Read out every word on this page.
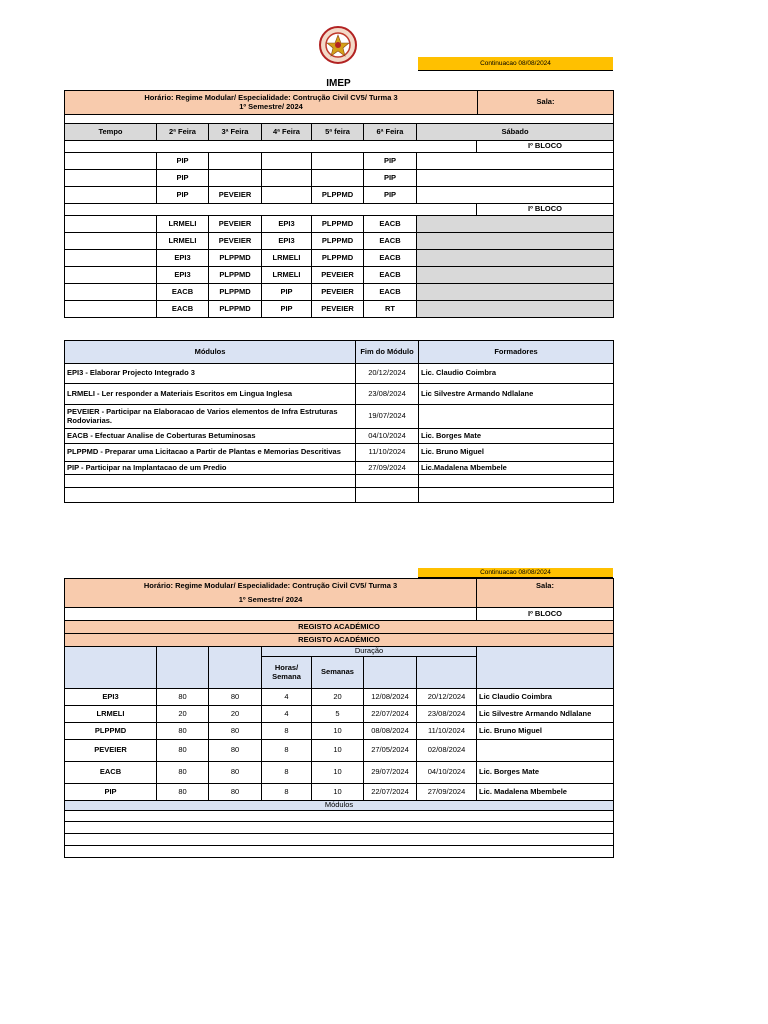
Continuacao 08/08/2024
IMEP
Horário: Regime Modular/ Especialidade: Contrução Civil CV5/ Turma 3
1º Semestre/ 2024
	Sala:

Tempo	2ª Feira	3ª Feira	4ª Feira	5ª feira	6ª Feira	Sábado	
							Iº BLOCO
	PIP				PIP		
	PIP				PIP		
	PIP	PEVEIER		PLPPMD	PIP		
							Iº BLOCO
	LRMELI	PEVEIER	EPI3	PLPPMD	EACB		
	LRMELI	PEVEIER	EPI3	PLPPMD	EACB		
	EPI3	PLPPMD	LRMELI	PLPPMD	EACB		
	EPI3	PLPPMD	LRMELI	PEVEIER	EACB		
	EACB	PLPPMD	PIP	PEVEIER	EACB		
	EACB	PLPPMD	PIP	PEVEIER	RT		
Módulos	Fim do Módulo	Formadores
EPI3 - Elaborar Projecto Integrado 3	20/12/2024	Lic. Claudio Coimbra
LRMELI - Ler responder a Materiais Escritos em Lingua Inglesa	23/08/2024	Lic Silvestre Armando Ndlalane
PEVEIER - Participar na Elaboracao de Varios elementos de Infra Estruturas Rodoviarias.	19/07/2024	
EACB - Efectuar Analise de Coberturas Betuminosas	04/10/2024	Lic. Borges Mate
PLPPMD - Preparar uma Licitacao a Partir de Plantas e Memorias Descritivas	11/10/2024	Lic. Bruno Miguel
PIP - Participar na Implantacao de um Predio	27/09/2024	Lic.Madalena Mbembele

Continuacao 08/08/2024
Horário: Regime Modular/ Especialidade: Contrução Civil CV5/ Turma 3							Sala:
1º Semestre/ 2024							
							Iº BLOCO
REGISTO ACADÉMICO							
REGISTO ACADÉMICO							
			Duração				
			Horas/ Semana	Semanas			
EPI3	80	80	4	20	12/08/2024	20/12/2024	Lic Claudio Coimbra
LRMELI	20	20	4	5	22/07/2024	23/08/2024	Lic Silvestre Armando Ndlalane
PLPPMD	80	80	8	10	08/08/2024	11/10/2024	Lic. Bruno Miguel
PEVEIER	80	80	8	10	27/05/2024	02/08/2024	
EACB	80	80	8	10	29/07/2024	04/10/2024	Lic. Borges Mate
PIP	80	80	8	10	22/07/2024	27/09/2024	Lic. Madalena Mbembele
Módulos							
